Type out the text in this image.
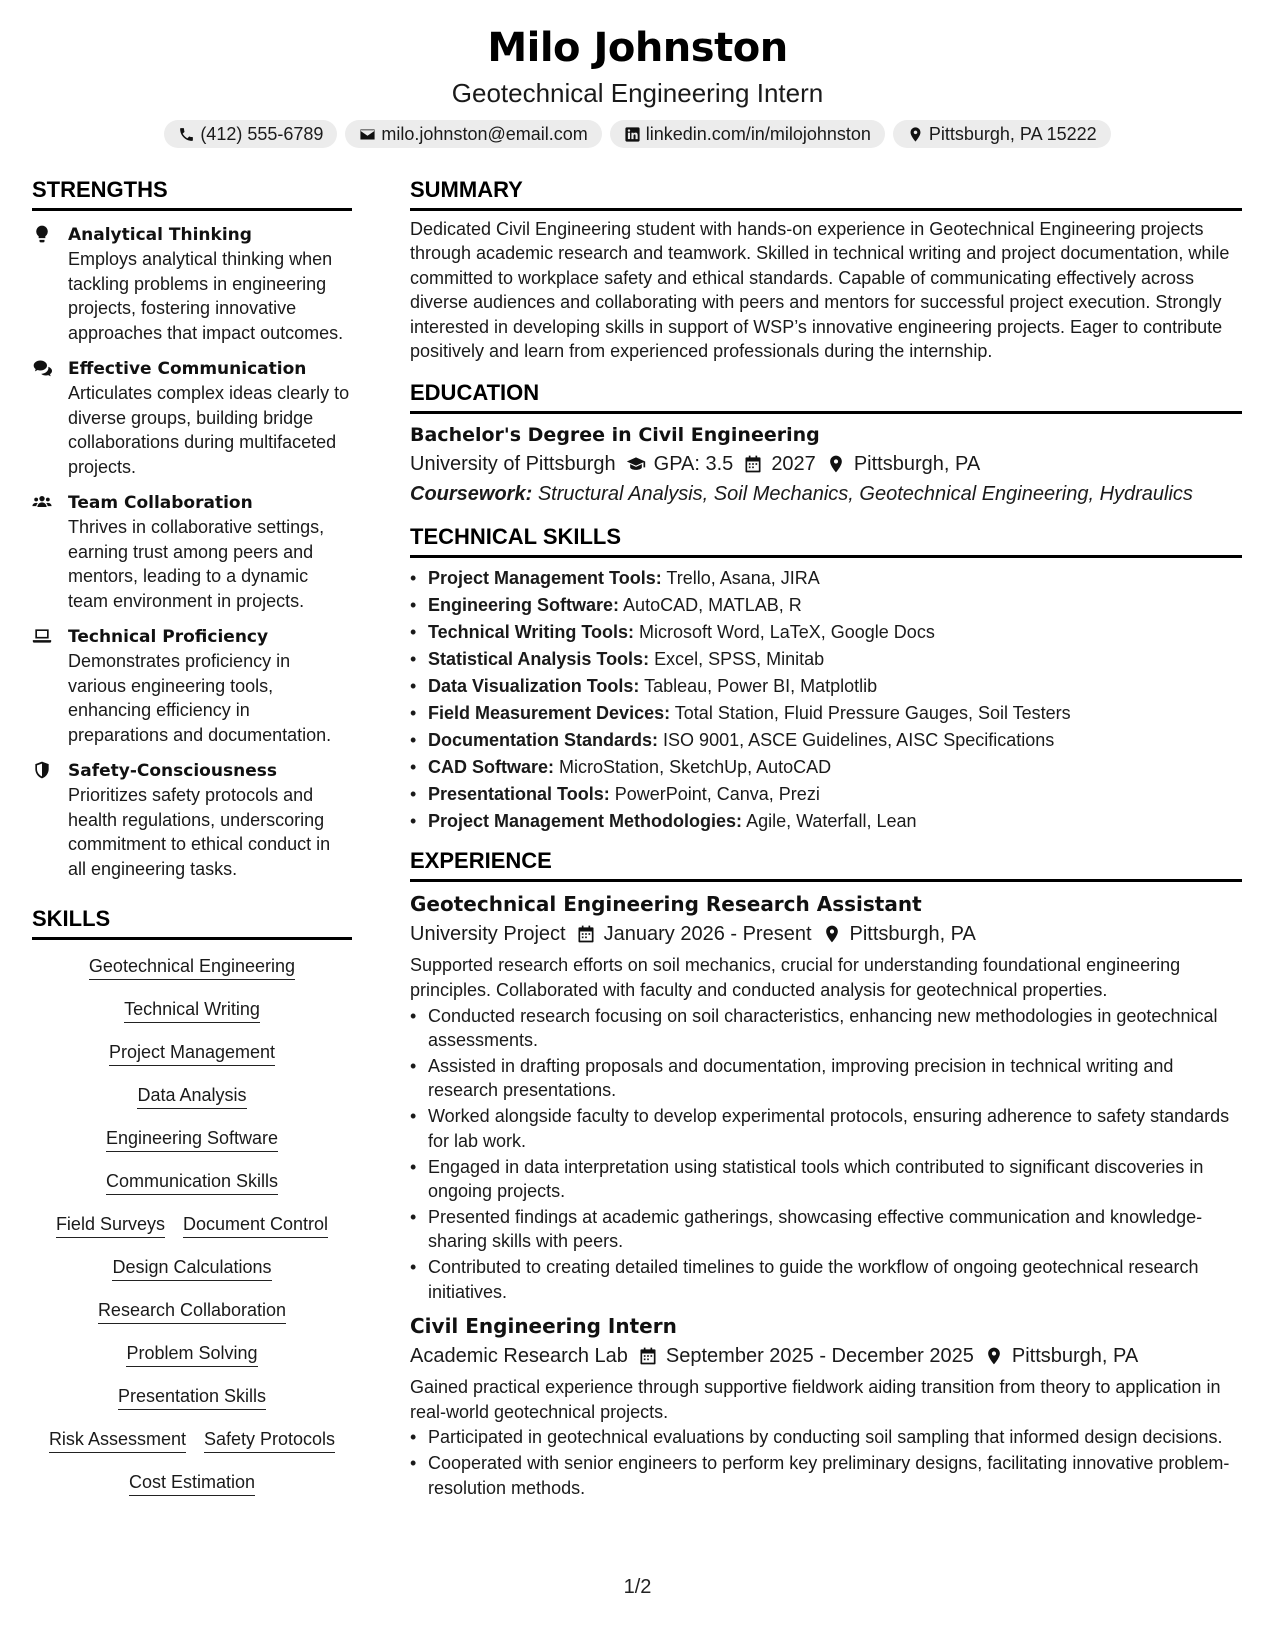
Milo Johnston
Geotechnical Engineering Intern
(412) 555-6789	milo.johnston@email.com	linkedin.com/in/milojohnston	Pittsburgh, PA 15222
STRENGTHS
Analytical Thinking
Employs analytical thinking when tackling problems in engineering projects, fostering innovative approaches that impact outcomes.
Effective Communication
Articulates complex ideas clearly to diverse groups, building bridge collaborations during multifaceted projects.
Team Collaboration
Thrives in collaborative settings, earning trust among peers and mentors, leading to a dynamic team environment in projects.
Technical Proficiency
Demonstrates proficiency in various engineering tools, enhancing efficiency in preparations and documentation.
Safety-Consciousness
Prioritizes safety protocols and health regulations, underscoring commitment to ethical conduct in all engineering tasks.
SKILLS
Geotechnical Engineering
Technical Writing
Project Management
Data Analysis
Engineering Software
Communication Skills
Field Surveys Document Control
Design Calculations
Research Collaboration
Problem Solving
Presentation Skills
Risk Assessment Safety Protocols
Cost Estimation
SUMMARY
Dedicated Civil Engineering student with hands-on experience in Geotechnical Engineering projects through academic research and teamwork. Skilled in technical writing and project documentation, while committed to workplace safety and ethical standards. Capable of communicating effectively across diverse audiences and collaborating with peers and mentors for successful project execution. Strongly interested in developing skills in support of WSP’s innovative engineering projects. Eager to contribute positively and learn from experienced professionals during the internship.
EDUCATION
Bachelor's Degree in Civil Engineering
University of Pittsburgh GPA: 3.5 2027 Pittsburgh, PA
Coursework: Structural Analysis, Soil Mechanics, Geotechnical Engineering, Hydraulics
TECHNICAL SKILLS
• Project Management Tools: Trello, Asana, JIRA
• Engineering Software: AutoCAD, MATLAB, R
• Technical Writing Tools: Microsoft Word, LaTeX, Google Docs
• Statistical Analysis Tools: Excel, SPSS, Minitab
• Data Visualization Tools: Tableau, Power BI, Matplotlib
• Field Measurement Devices: Total Station, Fluid Pressure Gauges, Soil Testers
• Documentation Standards: ISO 9001, ASCE Guidelines, AISC Specifications
• CAD Software: MicroStation, SketchUp, AutoCAD
• Presentational Tools: PowerPoint, Canva, Prezi
• Project Management Methodologies: Agile, Waterfall, Lean
EXPERIENCE
Geotechnical Engineering Research Assistant
University Project January 2026 - Present Pittsburgh, PA
Supported research efforts on soil mechanics, crucial for understanding foundational engineering principles. Collaborated with faculty and conducted analysis for geotechnical properties.
• Conducted research focusing on soil characteristics, enhancing new methodologies in geotechnical assessments.
• Assisted in drafting proposals and documentation, improving precision in technical writing and research presentations.
• Worked alongside faculty to develop experimental protocols, ensuring adherence to safety standards for lab work.
• Engaged in data interpretation using statistical tools which contributed to significant discoveries in ongoing projects.
• Presented findings at academic gatherings, showcasing effective communication and knowledge-sharing skills with peers.
• Contributed to creating detailed timelines to guide the workflow of ongoing geotechnical research initiatives.
Civil Engineering Intern
Academic Research Lab September 2025 - December 2025 Pittsburgh, PA
Gained practical experience through supportive fieldwork aiding transition from theory to application in real-world geotechnical projects.
• Participated in geotechnical evaluations by conducting soil sampling that informed design decisions.
• Cooperated with senior engineers to perform key preliminary designs, facilitating innovative problem-resolution methods.
1/2
